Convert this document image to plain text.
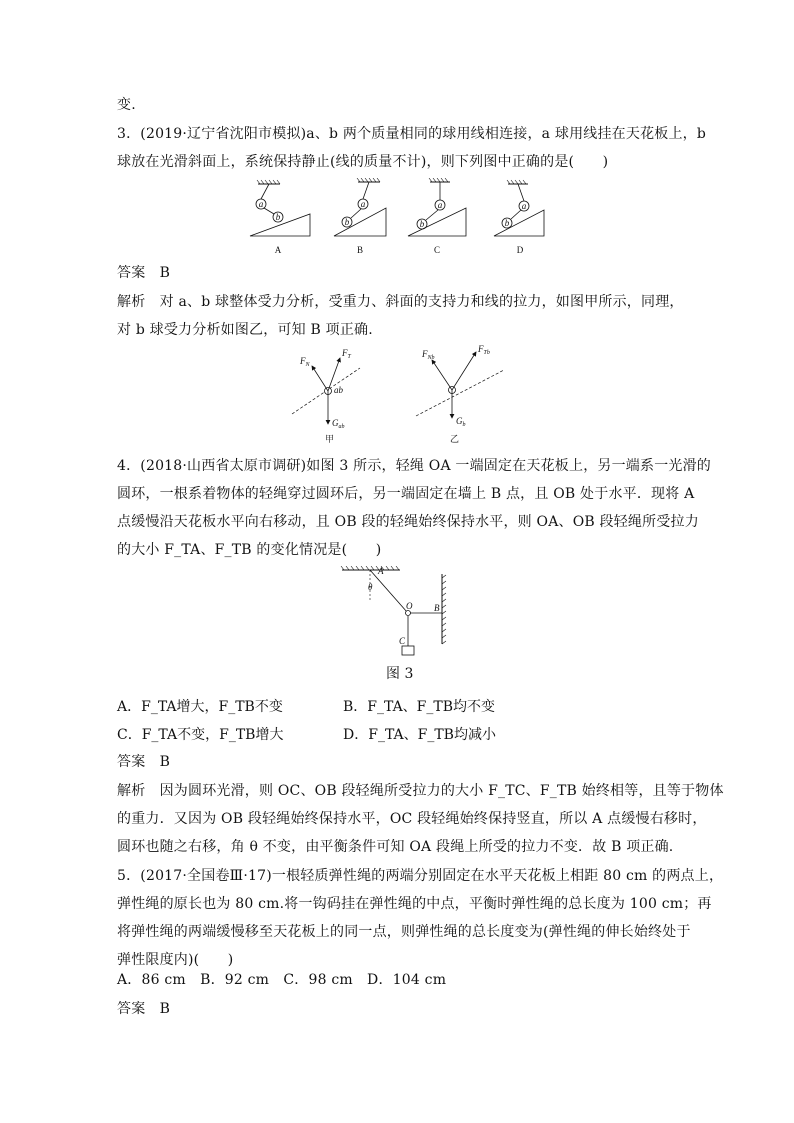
变.
3．(2019·辽宁省沈阳市模拟)a、b 两个质量相同的球用线相连接，a 球用线挂在天花板上，b
球放在光滑斜面上，系统保持静止(线的质量不计)，则下列图中正确的是(　　)
a
b
A
a
b
B
a
b
C
a
b
D
答案　B
解析　对 a、b 球整体受力分析，受重力、斜面的支持力和线的拉力，如图甲所示，同理，
对 b 球受力分析如图乙，可知 B 项正确.
$F_N$
$F_T$
ab
$G_{ab}$
甲
$F_{Nb}$
$F_{Tb}$
$G_b$
乙
4．(2018·山西省太原市调研)如图 3 所示，轻绳 OA 一端固定在天花板上，另一端系一光滑的
圆环，一根系着物体的轻绳穿过圆环后，另一端固定在墙上 B 点，且 OB 处于水平．现将 A
点缓慢沿天花板水平向右移动，且 OB 段的轻绳始终保持水平，则 OA、OB 段轻绳所受拉力
的大小 F_TA、F_TB 的变化情况是(　　)
A
θ
O B
C
图 3
A．F_TA增大，F_TB不变	B．F_TA、F_TB均不变
C．F_TA不变，F_TB增大	D．F_TA、F_TB均减小
答案　B
解析　因为圆环光滑，则 OC、OB 段轻绳所受拉力的大小 F_TC、F_TB 始终相等，且等于物体
的重力．又因为 OB 段轻绳始终保持水平，OC 段轻绳始终保持竖直，所以 A 点缓慢右移时，
圆环也随之右移，角 θ 不变，由平衡条件可知 OA 段绳上所受的拉力不变．故 B 项正确.
5．(2017·全国卷Ⅲ·17)一根轻质弹性绳的两端分别固定在水平天花板上相距 80 cm 的两点上，
弹性绳的原长也为 80 cm.将一钩码挂在弹性绳的中点，平衡时弹性绳的总长度为 100 cm；再
将弹性绳的两端缓慢移至天花板上的同一点，则弹性绳的总长度变为(弹性绳的伸长始终处于
弹性限度内)(　　)
A．86 cm　B．92 cm　C．98 cm　D．104 cm
答案　B
